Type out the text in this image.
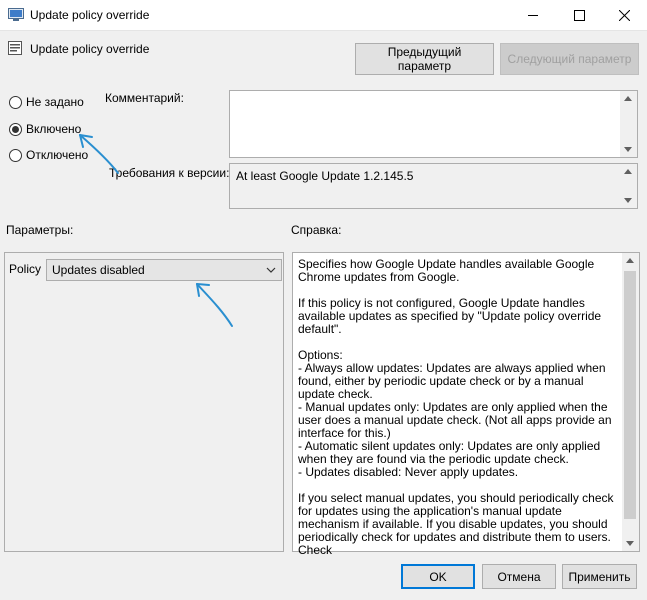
Update policy override
Update policy override	Предыдущий параметр	Следующий параметр
Не задано
Включено
Отключено
Комментарий:
Требования к версии: At least Google Update 1.2.145.5
Параметры:	Справка:
Policy Updates disabled	Specifies how Google Update handles available Google Chrome updates from Google.

If this policy is not configured, Google Update handles available updates as specified by "Update policy override default".

Options:
- Always allow updates: Updates are always applied when found, either by periodic update check or by a manual update check.
- Manual updates only: Updates are only applied when the user does a manual update check. (Not all apps provide an interface for this.)
- Automatic silent updates only: Updates are only applied when they are found via the periodic update check.
- Updates disabled: Never apply updates.

If you select manual updates, you should periodically check for updates using the application's manual update mechanism if available. If you disable updates, you should periodically check for updates and distribute them to users. Check

OK	Отмена	Применить
